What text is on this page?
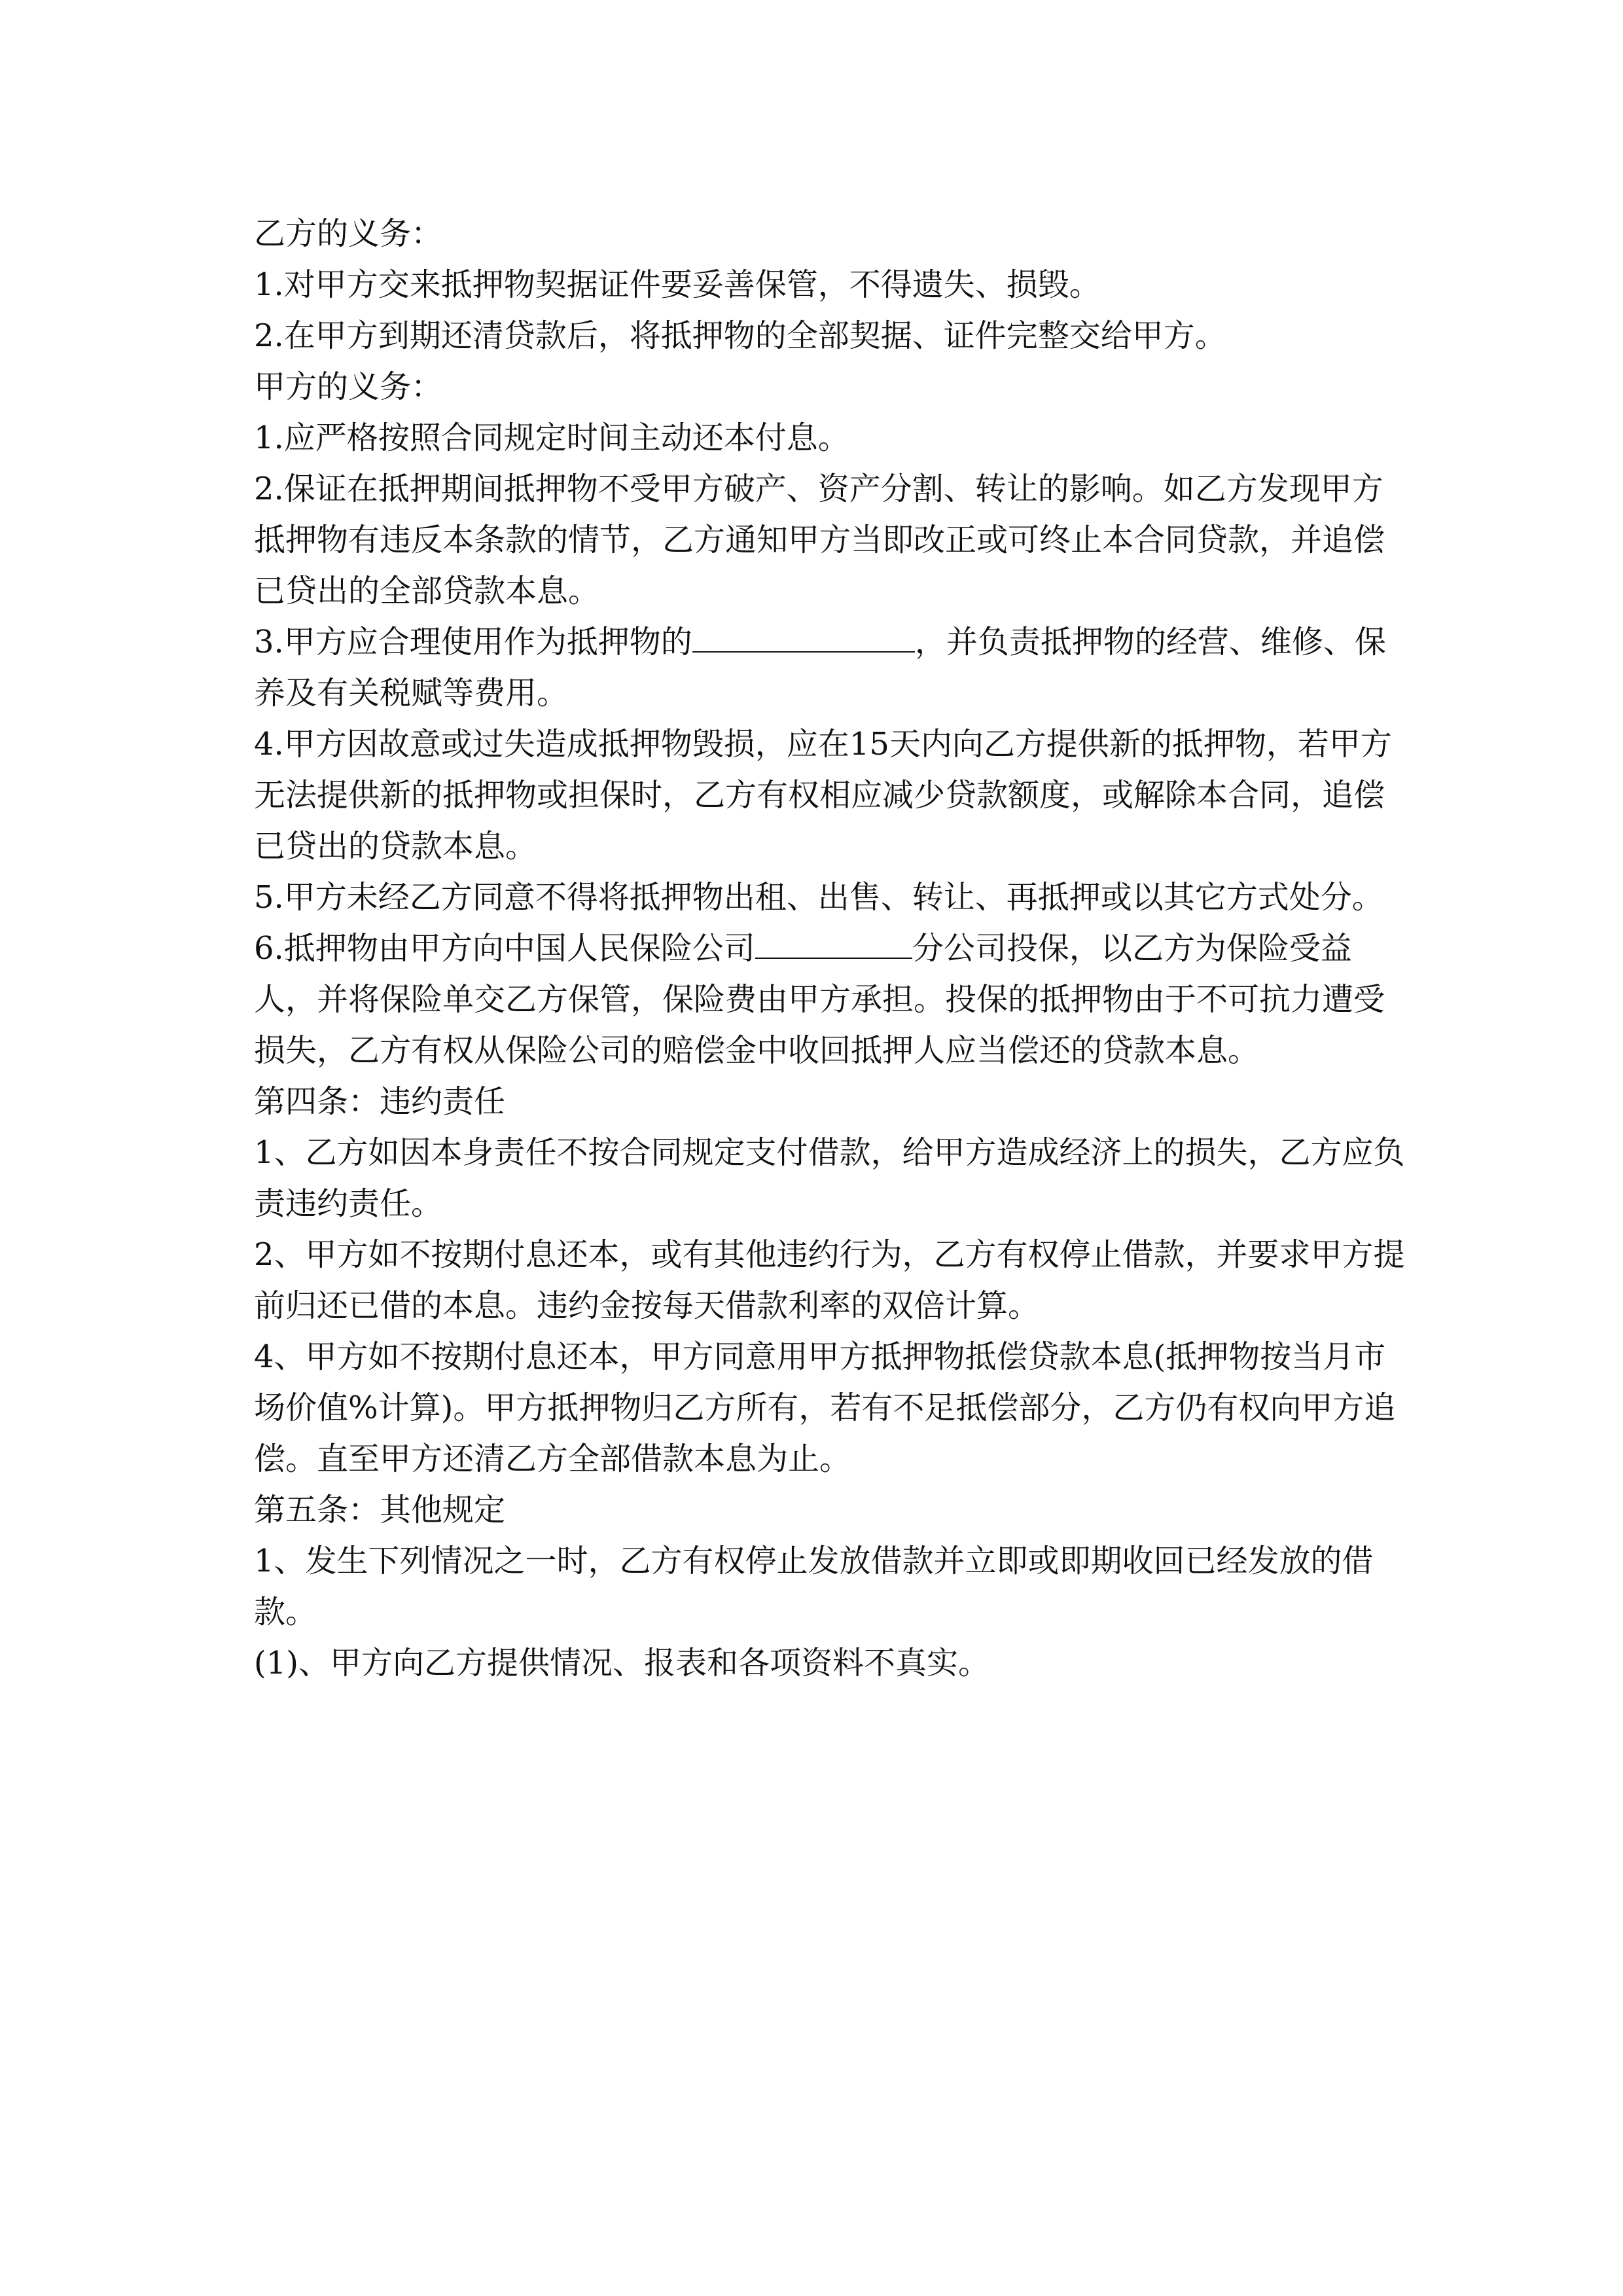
乙方的义务：

1.对甲方交来抵押物契据证件要妥善保管，不得遗失、损毁。

2.在甲方到期还清贷款后，将抵押物的全部契据、证件完整交给甲方。

甲方的义务：

1.应严格按照合同规定时间主动还本付息。

2.保证在抵押期间抵押物不受甲方破产、资产分割、转让的影响。如乙方发现甲方抵押物有违反本条款的情节，乙方通知甲方当即改正或可终止本合同贷款，并追偿已贷出的全部贷款本息。

3.甲方应合理使用作为抵押物的	，并负责抵押物的经营、维修、保养及有关税赋等费用。

4.甲方因故意或过失造成抵押物毁损，应在15天内向乙方提供新的抵押物，若甲方无法提供新的抵押物或担保时，乙方有权相应减少贷款额度，或解除本合同，追偿已贷出的贷款本息。

5.甲方未经乙方同意不得将抵押物出租、出售、转让、再抵押或以其它方式处分。

6.抵押物由甲方向中国人民保险公司	分公司投保，以乙方为保险受益人，并将保险单交乙方保管，保险费由甲方承担。投保的抵押物由于不可抗力遭受损失，乙方有权从保险公司的赔偿金中收回抵押人应当偿还的贷款本息。

第四条：违约责任

1、乙方如因本身责任不按合同规定支付借款，给甲方造成经济上的损失，乙方应负责违约责任。

2、甲方如不按期付息还本，或有其他违约行为，乙方有权停止借款，并要求甲方提前归还已借的本息。违约金按每天借款利率的双倍计算。

4、甲方如不按期付息还本，甲方同意用甲方抵押物抵偿贷款本息(抵押物按当月市场价值%计算)。甲方抵押物归乙方所有，若有不足抵偿部分，乙方仍有权向甲方追偿。直至甲方还清乙方全部借款本息为止。

第五条：其他规定

1、发生下列情况之一时，乙方有权停止发放借款并立即或即期收回已经发放的借款。

(1)、甲方向乙方提供情况、报表和各项资料不真实。
